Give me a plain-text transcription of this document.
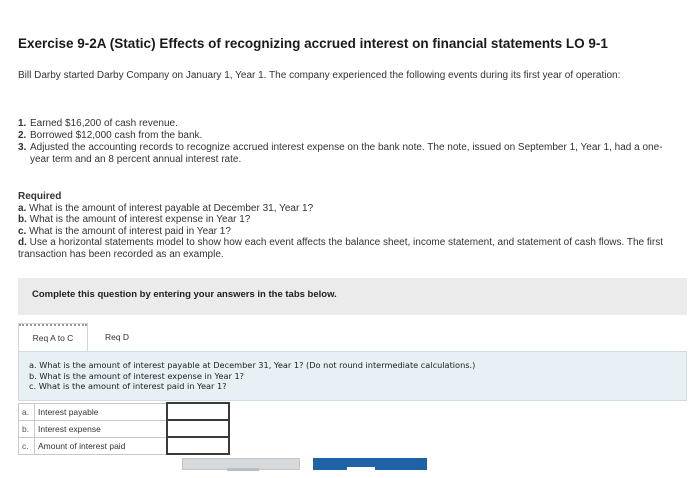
Exercise 9-2A (Static) Effects of recognizing accrued interest on financial statements LO 9-1
Bill Darby started Darby Company on January 1, Year 1. The company experienced the following events during its first year of operation:
1. Earned $16,200 of cash revenue.
2. Borrowed $12,000 cash from the bank.
3. Adjusted the accounting records to recognize accrued interest expense on the bank note. The note, issued on September 1, Year 1, had a one-year term and an 8 percent annual interest rate.
Required
a. What is the amount of interest payable at December 31, Year 1?
b. What is the amount of interest expense in Year 1?
c. What is the amount of interest paid in Year 1?
d. Use a horizontal statements model to show how each event affects the balance sheet, income statement, and statement of cash flows. The first transaction has been recorded as an example.
Complete this question by entering your answers in the tabs below.
Req A to C	Req D
a. What is the amount of interest payable at December 31, Year 1? (Do not round intermediate calculations.)
b. What is the amount of interest expense in Year 1?
c. What is the amount of interest paid in Year 1?
a.	Interest payable	
b.	Interest expense	
c.	Amount of interest paid	
